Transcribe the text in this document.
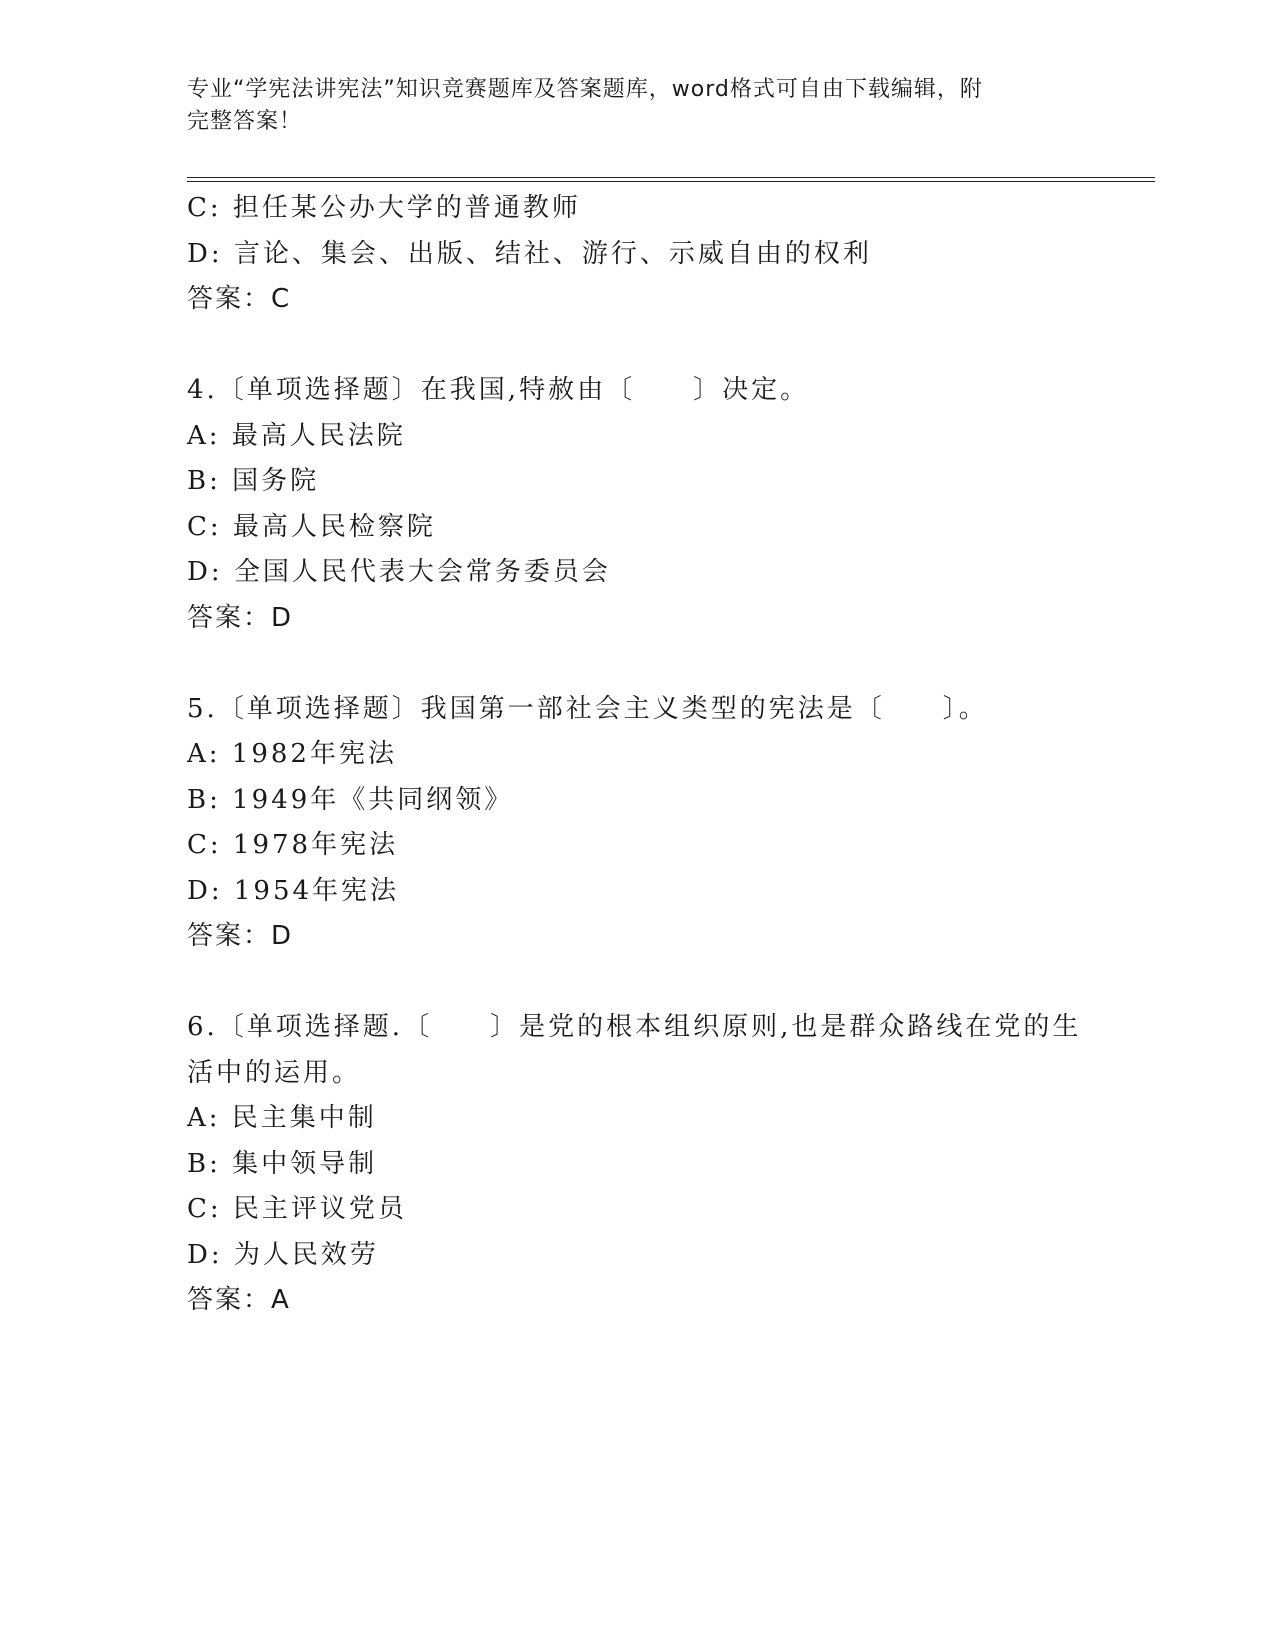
专业“学宪法讲宪法”知识竞赛题库及答案题库，word格式可自由下载编辑，附
完整答案！
C: 担任某公办大学的普通教师
D: 言论、集会、出版、结社、游行、示威自由的权利
答案：C
4.〔单项选择题〕在我国,特赦由〔　　〕决定。
A: 最高人民法院
B: 国务院
C: 最高人民检察院
D: 全国人民代表大会常务委员会
答案：D
5.〔单项选择题〕我国第一部社会主义类型的宪法是〔　　〕。
A: 1982年宪法
B: 1949年《共同纲领》
C: 1978年宪法
D: 1954年宪法
答案：D
6.〔单项选择题.〔　　〕是党的根本组织原则,也是群众路线在党的生
活中的运用。
A: 民主集中制
B: 集中领导制
C: 民主评议党员
D: 为人民效劳
答案：A
